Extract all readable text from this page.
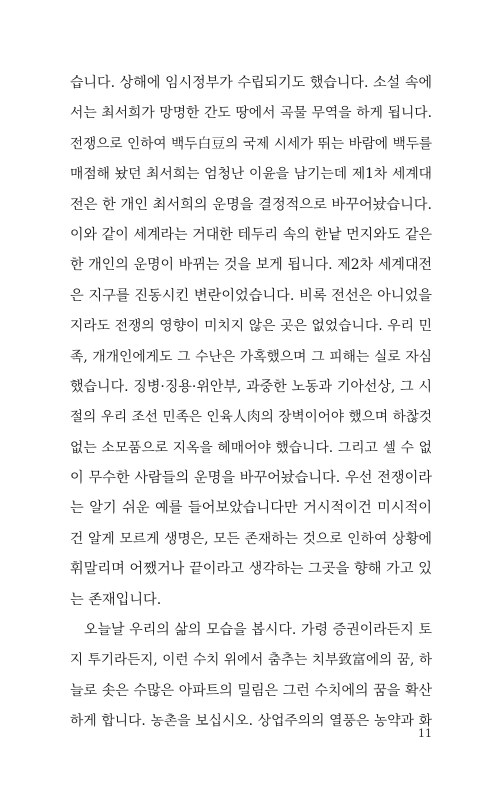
습니다. 상해에 임시정부가 수립되기도 했습니다. 소설 속에
서는 최서희가 망명한 간도 땅에서 곡물 무역을 하게 됩니다.
전쟁으로 인하여 백두白豆의 국제 시세가 뛰는 바람에 백두를
매점해 놨던 최서희는 엄청난 이윤을 남기는데 제1차 세계대
전은 한 개인 최서희의 운명을 결정적으로 바꾸어놨습니다.
이와 같이 세계라는 거대한 테두리 속의 한낱 먼지와도 같은
한 개인의 운명이 바뀌는 것을 보게 됩니다. 제2차 세계대전
은 지구를 진동시킨 변란이었습니다. 비록 전선은 아니었을
지라도 전쟁의 영향이 미치지 않은 곳은 없었습니다. 우리 민
족, 개개인에게도 그 수난은 가혹했으며 그 피해는 실로 자심
했습니다. 징병·징용·위안부, 과중한 노동과 기아선상, 그 시
절의 우리 조선 민족은 인육人肉의 장벽이어야 했으며 하찮것
없는 소모품으로 지옥을 헤매어야 했습니다. 그리고 셀 수 없
이 무수한 사람들의 운명을 바꾸어놨습니다. 우선 전쟁이라
는 알기 쉬운 예를 들어보았습니다만 거시적이건 미시적이
건 알게 모르게 생명은, 모든 존재하는 것으로 인하여 상황에
휘말리며 어쨌거나 끝이라고 생각하는 그곳을 향해 가고 있
는 존재입니다.
오늘날 우리의 삶의 모습을 봅시다. 가령 증권이라든지 토
지 투기라든지, 이런 수치 위에서 춤추는 치부致富에의 꿈, 하
늘로 솟은 수많은 아파트의 밀림은 그런 수치에의 꿈을 확산
하게 합니다. 농촌을 보십시오. 상업주의의 열풍은 농약과 화
11
